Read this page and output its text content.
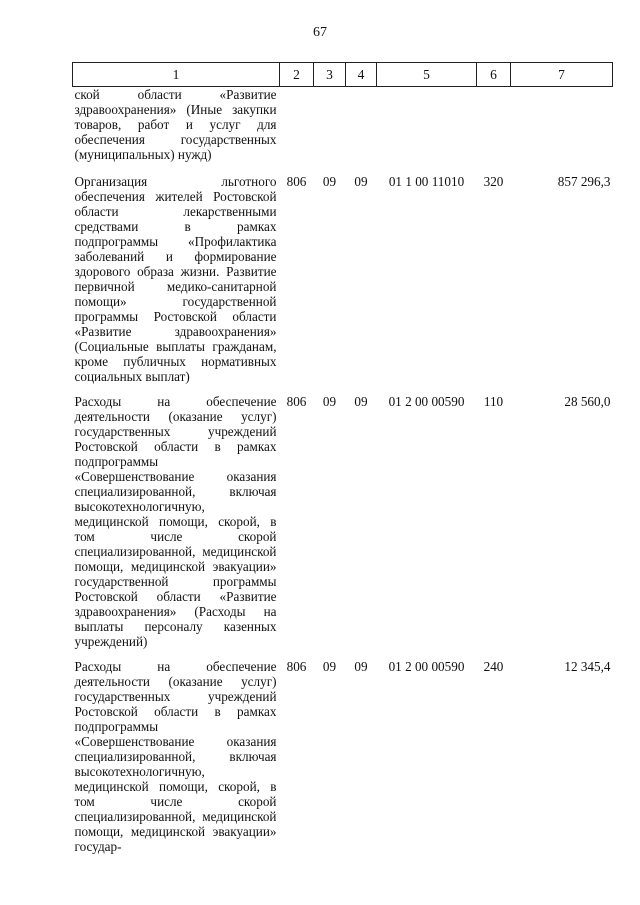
67
1	2	3	4	5	6	7
ской области «Развитие здравоохранения» (Иные закупки товаров, работ и услуг для обеспечения государственных (муниципальных) нужд)						
Организация льготного обеспечения жителей Ростовской области лекарственными средствами в рамках подпрограммы «Профилактика заболеваний и формирование здорового образа жизни. Развитие первичной медико-санитарной помощи» государственной программы Ростовской области «Развитие здравоохранения» (Социальные выплаты гражданам, кроме публичных нормативных социальных выплат)	806	09	09	01 1 00 11010	320	857 296,3
Расходы на обеспечение деятельности (оказание услуг) государственных учреждений Ростовской области в рамках подпрограммы «Совершенствование оказания специализированной, включая высокотехнологичную, медицинской помощи, скорой, в том числе скорой специализированной, медицинской помощи, медицинской эвакуации» государственной программы Ростовской области «Развитие здравоохранения» (Расходы на выплаты персоналу казенных учреждений)	806	09	09	01 2 00 00590	110	28 560,0
Расходы на обеспечение деятельности (оказание услуг) государственных учреждений Ростовской области в рамках подпрограммы «Совершенствование оказания специализированной, включая высокотехнологичную, медицинской помощи, скорой, в том числе скорой специализированной, медицинской помощи, медицинской эвакуации» государ-	806	09	09	01 2 00 00590	240	12 345,4
